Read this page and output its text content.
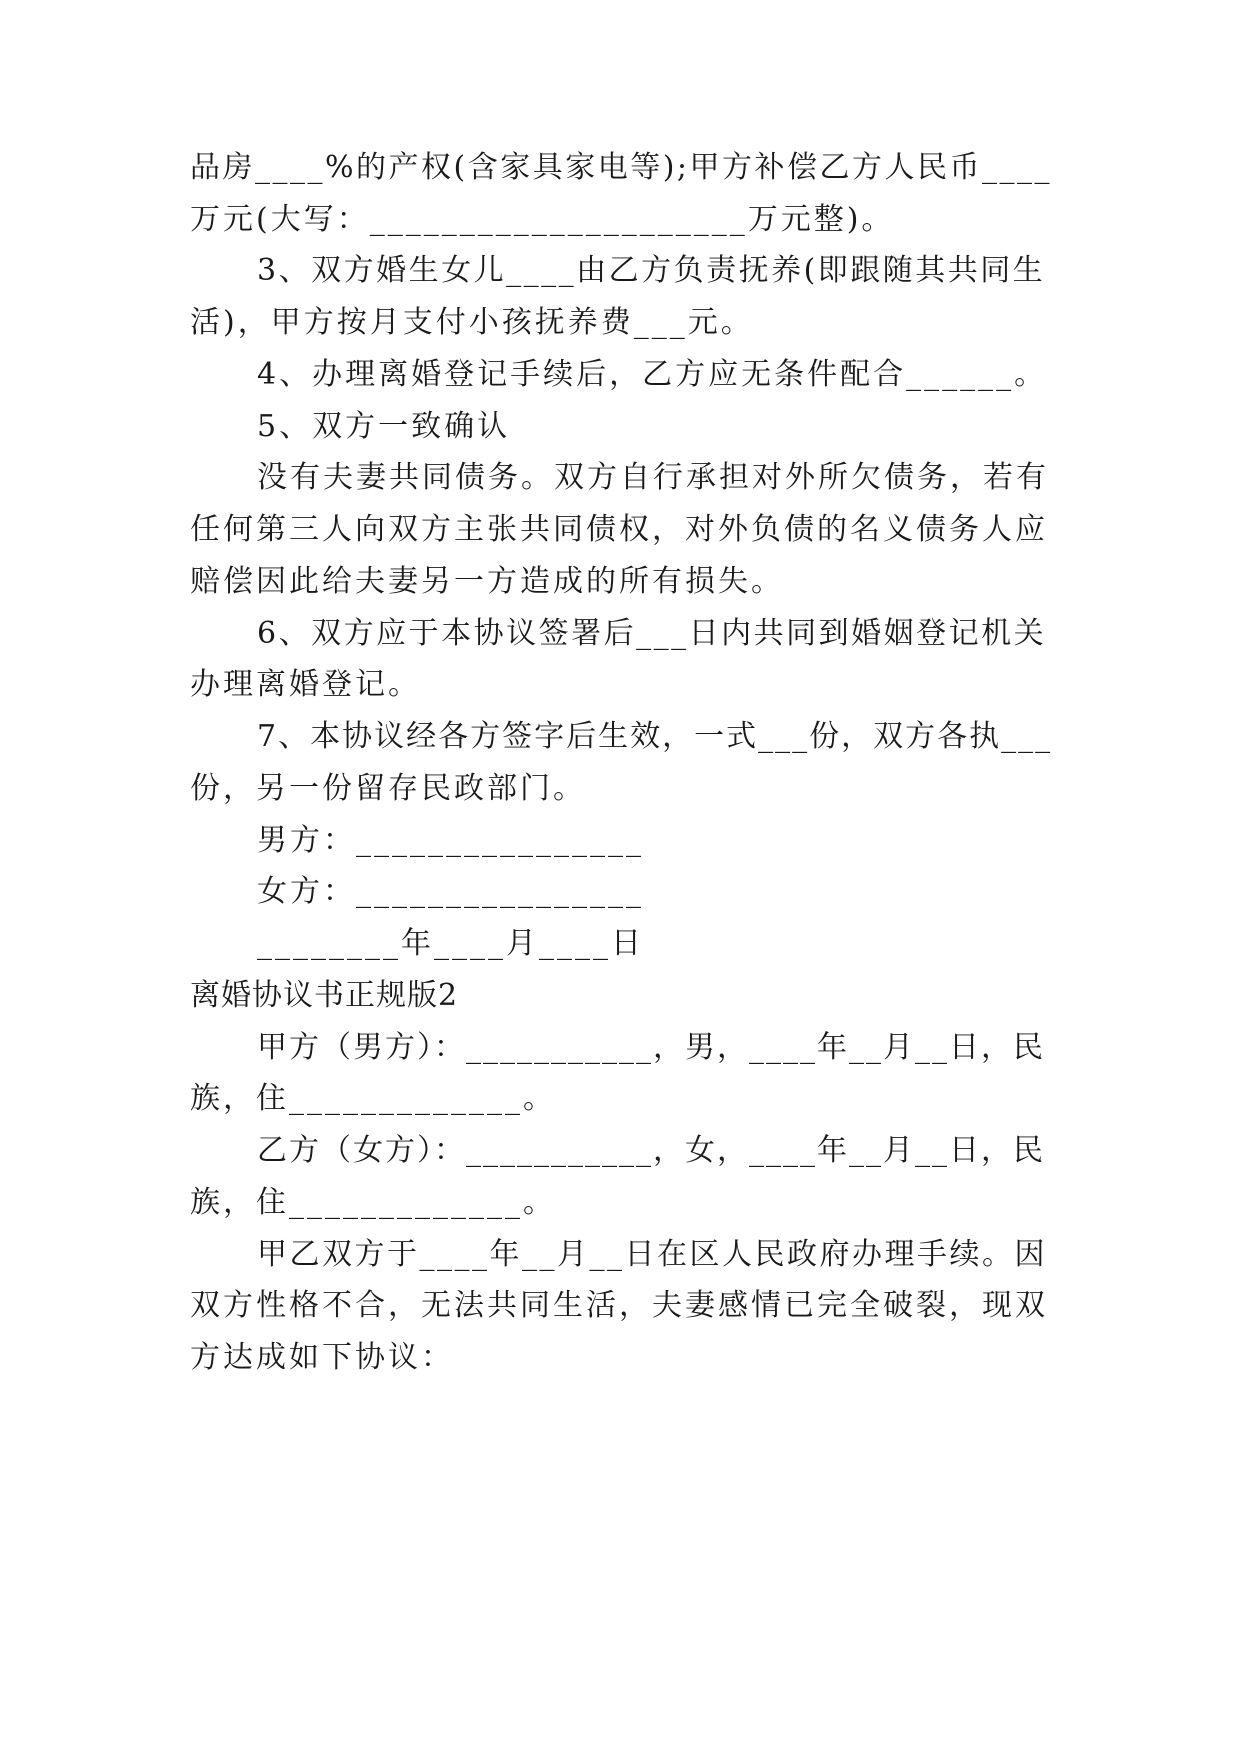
品房____%的产权(含家具家电等);甲方补偿乙方人民币____
万元(大写：_____________________万元整)。
3、双方婚生女儿____由乙方负责抚养(即跟随其共同生
活)，甲方按月支付小孩抚养费___元。
4、办理离婚登记手续后，乙方应无条件配合______。
5、双方一致确认
没有夫妻共同债务。双方自行承担对外所欠债务，若有
任何第三人向双方主张共同债权，对外负债的名义债务人应
赔偿因此给夫妻另一方造成的所有损失。
6、双方应于本协议签署后___日内共同到婚姻登记机关
办理离婚登记。
7、本协议经各方签字后生效，一式___份，双方各执___
份，另一份留存民政部门。
男方：________________
女方：________________
________年____月____日
离婚协议书正规版2
甲方（男方）：___________，男，____年__月__日，民
族，住_____________。
乙方（女方）：___________，女，____年__月__日，民
族，住_____________。
甲乙双方于____年__月__日在区人民政府办理手续。因
双方性格不合，无法共同生活，夫妻感情已完全破裂，现双
方达成如下协议：
